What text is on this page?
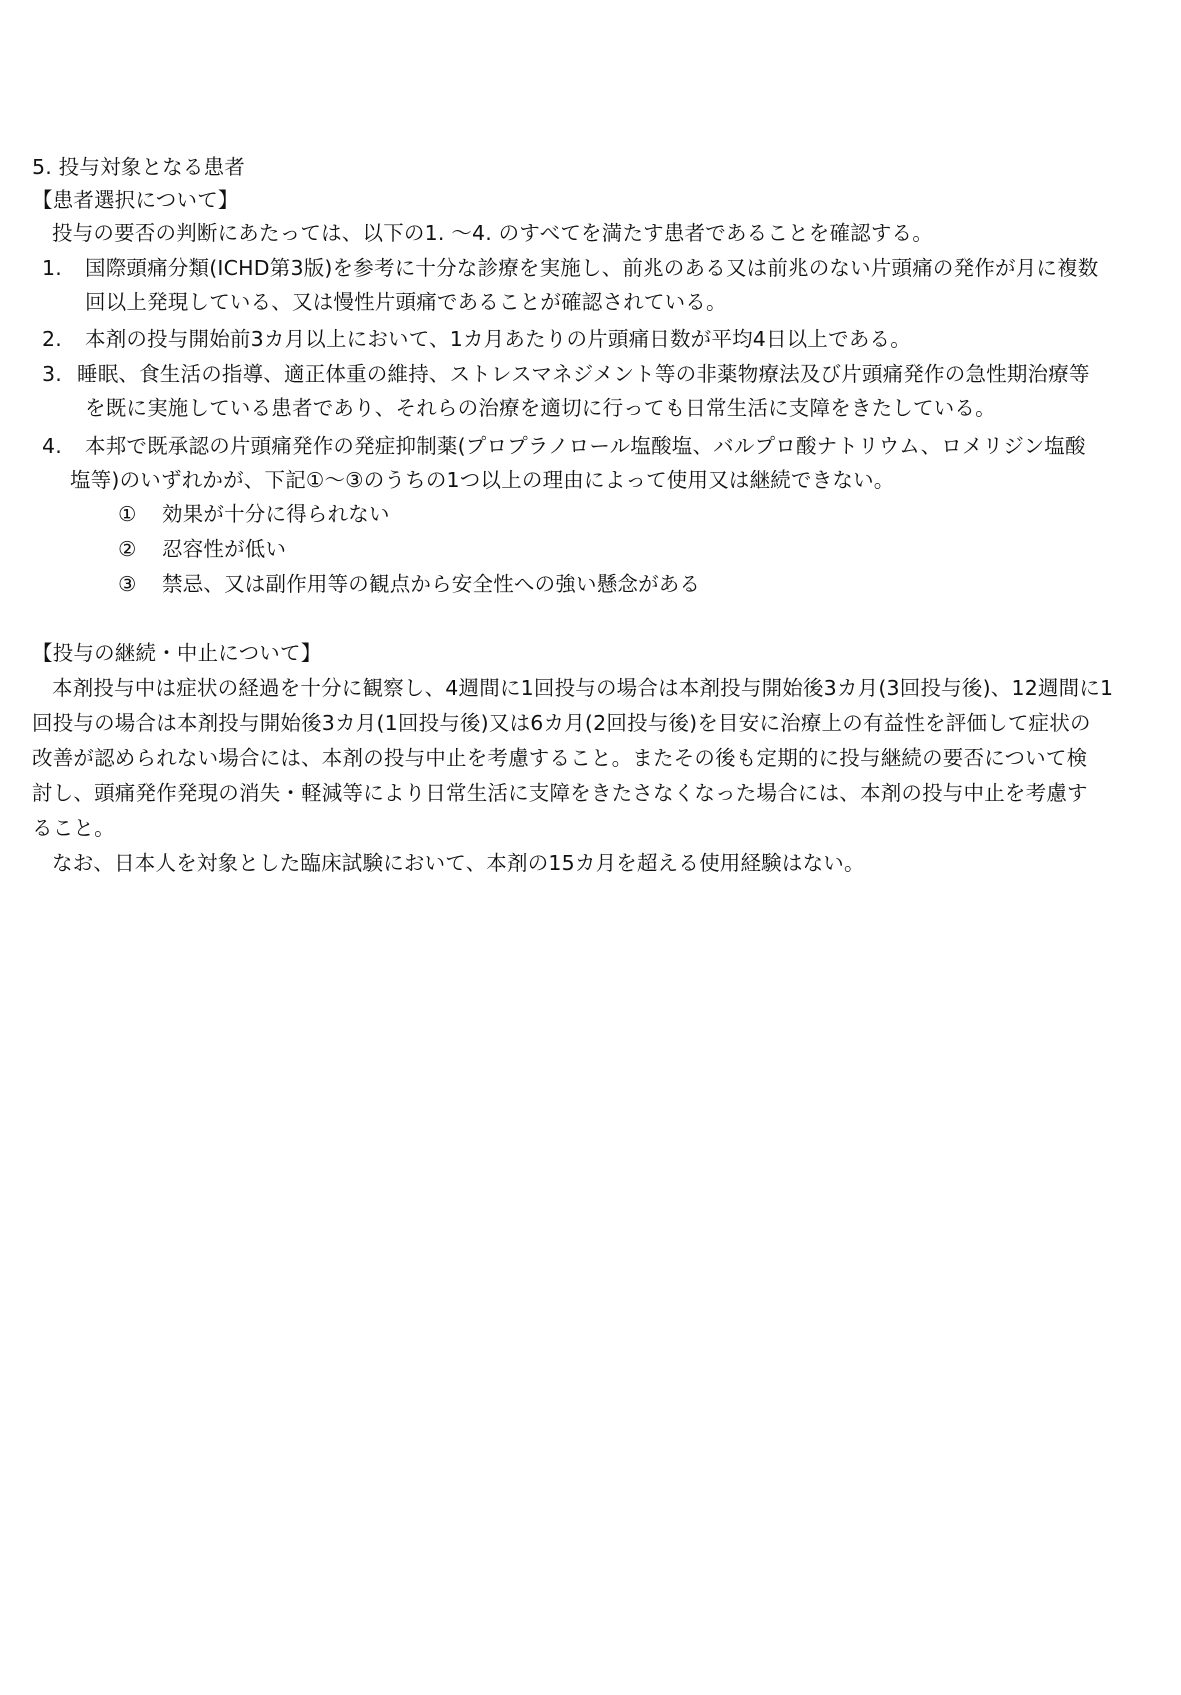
5. 投与対象となる患者
【患者選択について】
投与の要否の判断にあたっては、以下の1. ～4. のすべてを満たす患者であることを確認する。
1. 国際頭痛分類(ICHD第3版)を参考に十分な診療を実施し、前兆のある又は前兆のない片頭痛の発作が月に複数
回以上発現している、又は慢性片頭痛であることが確認されている。
2. 本剤の投与開始前3カ月以上において、1カ月あたりの片頭痛日数が平均4日以上である。
3. 睡眠、食生活の指導、適正体重の維持、ストレスマネジメント等の非薬物療法及び片頭痛発作の急性期治療等
を既に実施している患者であり、それらの治療を適切に行っても日常生活に支障をきたしている。
4. 本邦で既承認の片頭痛発作の発症抑制薬(プロプラノロール塩酸塩、バルプロ酸ナトリウム、ロメリジン塩酸
塩等)のいずれかが、下記①～③のうちの1つ以上の理由によって使用又は継続できない。
① 効果が十分に得られない
② 忍容性が低い
③ 禁忌、又は副作用等の観点から安全性への強い懸念がある
【投与の継続・中止について】
本剤投与中は症状の経過を十分に観察し、4週間に1回投与の場合は本剤投与開始後3カ月(3回投与後)、12週間に1
回投与の場合は本剤投与開始後3カ月(1回投与後)又は6カ月(2回投与後)を目安に治療上の有益性を評価して症状の
改善が認められない場合には、本剤の投与中止を考慮すること。またその後も定期的に投与継続の要否について検
討し、頭痛発作発現の消失・軽減等により日常生活に支障をきたさなくなった場合には、本剤の投与中止を考慮す
ること。
なお、日本人を対象とした臨床試験において、本剤の15カ月を超える使用経験はない。
